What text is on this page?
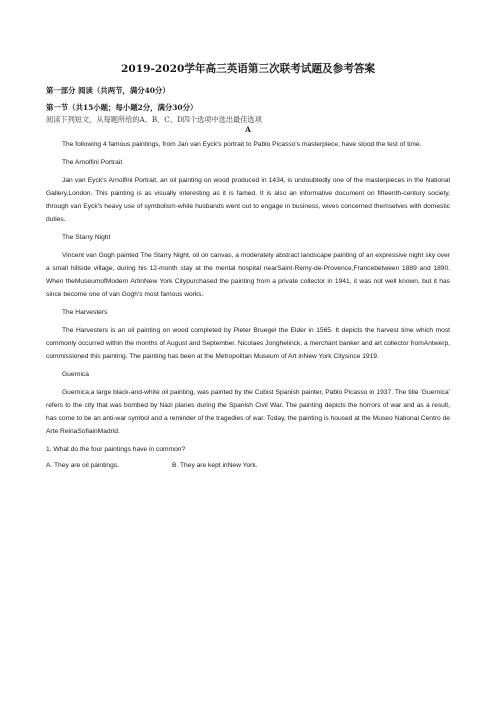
2019-2020学年高三英语第三次联考试题及参考答案
第一部分 阅读（共两节，满分40分）
第一节（共15小题；每小题2分，满分30分）
阅读下列短文，从每题所给的A、B、C、D四个选项中选出最佳选项
A
The following 4 famous paintings, from Jan van Eyck's portrait to Pablo Picasso's masterpiece, have stood the test of time.
The Arnolfini Portrait
Jan van Eyck's Arnolfini Portrait, an oil painting on wood produced in 1434, is undoubtedly one of the masterpieces in the National Gallery,London. This painting is as visually interesting as it is famed. It is also an informative document on fifteenth-century society, through van Eyck's heavy use of symbolism-while husbands went out to engage in business, wives concerned themselves with domestic duties.
The Starry Night
Vincent van Gogh painted The Starry Night, oil on canvas, a moderately abstract landscape painting of an expressive night sky over a small hillside village, during his 12-month stay at the mental hospital nearSaint-Remy-de-Provence,Francebetween 1889 and 1890. When theMuseumofModern ArtinNew York Citypurchased the painting from a private collector in 1941, it was not well known, but it has since become one of van Gogh's most famous works.
The Harvesters
The Harvesters is an oil painting on wood completed by Pieter Bruegel the Elder in 1565. It depicts the harvest time which most commonly occurred within the months of August and September. Nicolaes Jonghelinck, a merchant banker and art collector fromAntwerp, commissioned this painting. The painting has been at the Metropolitan Museum of Art inNew York Citysince 1919.
Guernica
Guernica,a large black-and-white oil painting, was painted by the Cubist Spanish painter, Pablo Picasso in 1937. The title 'Guernica' refers to the city that was bombed by Nazi planes during the Spanish Civil War. The painting depicts the horrors of war and as a result, has come to be an anti-war symbol and a reminder of the tragedies of war. Today, the painting is housed at the Museo National Centro de Arte ReinaSofiainMadrid.
1. What do the four paintings have in common?
A. They are oil paintings.	B. They are kept inNew York.
